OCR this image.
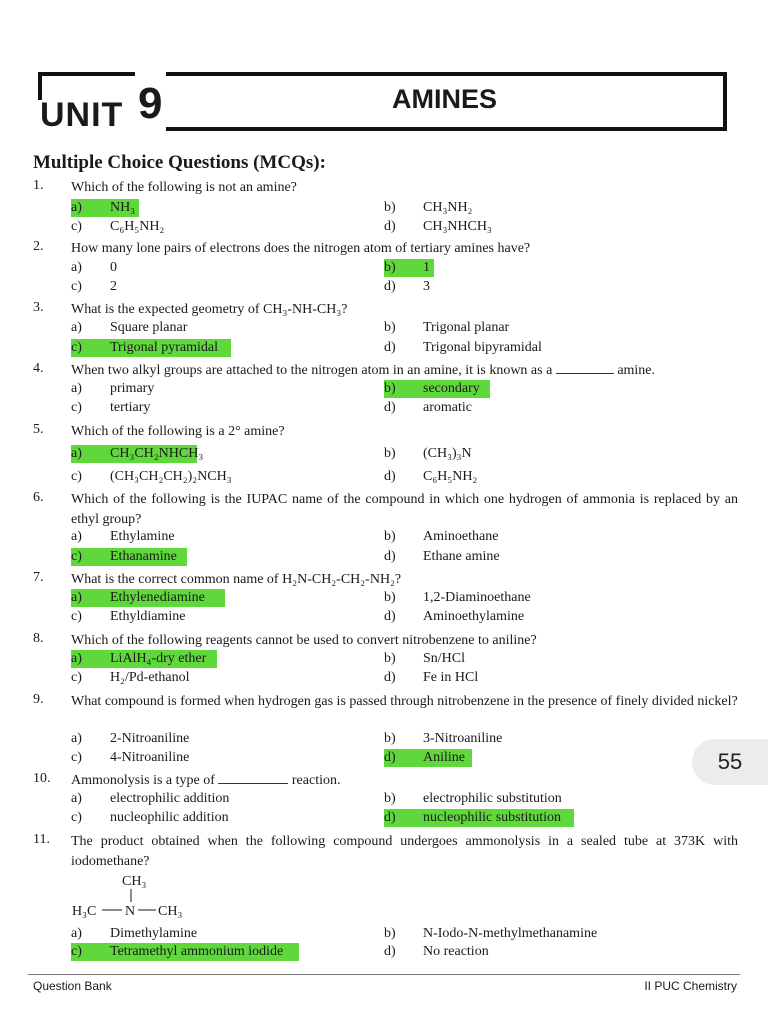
UNIT 9	AMINES
Multiple Choice Questions (MCQs):
1. Which of the following is not an amine?
a) NH₃	b) CH₃NH₂
c) C₆H₅NH₂	d) CH₃NHCH₃
2. How many lone pairs of electrons does the nitrogen atom of tertiary amines have?
a) 0	b) 1
c) 2	d) 3
3. What is the expected geometry of CH₃-NH-CH₃?
a) Square planar	b) Trigonal planar
c) Trigonal pyramidal	d) Trigonal bipyramidal
4. When two alkyl groups are attached to the nitrogen atom in an amine, it is known as a	amine.
a) primary	b) secondary
c) tertiary	d) aromatic
5. Which of the following is a 2° amine?
a) CH₃CH₂NHCH₃	b) (CH₃)₃N
c) (CH₃CH₂CH₂)₂NCH₃	d) C₆H₅NH₂
6. Which of the following is the IUPAC name of the compound in which one hydrogen of ammonia is replaced by an ethyl group?
a) Ethylamine	b) Aminoethane
c) Ethanamine	d) Ethane amine
7. What is the correct common name of H₂N-CH₂-CH₂-NH₂?
a) Ethylenediamine	b) 1,2-Diaminoethane
c) Ethyldiamine	d) Aminoethylamine
8. Which of the following reagents cannot be used to convert nitrobenzene to aniline?
a) LiAlH₄-dry ether	b) Sn/HCl
c) H₂/Pd-ethanol	d) Fe in HCl
9. What compound is formed when hydrogen gas is passed through nitrobenzene in the presence of finely divided nickel?
a) 2-Nitroaniline	b) 3-Nitroaniline
c) 4-Nitroaniline	d) Aniline	55
10. Ammonolysis is a type of	reaction.
a) electrophilic addition	b) electrophilic substitution
c) nucleophilic addition	d) nucleophilic substitution
11. The product obtained when the following compound undergoes ammonolysis in a sealed tube at 373K with iodomethane?
CH₃
H₃C N CH₃
a) Dimethylamine	b) N-Iodo-N-methylmethanamine
c) Tetramethyl ammonium iodide	d) No reaction
Question Bank	II PUC Chemistry
